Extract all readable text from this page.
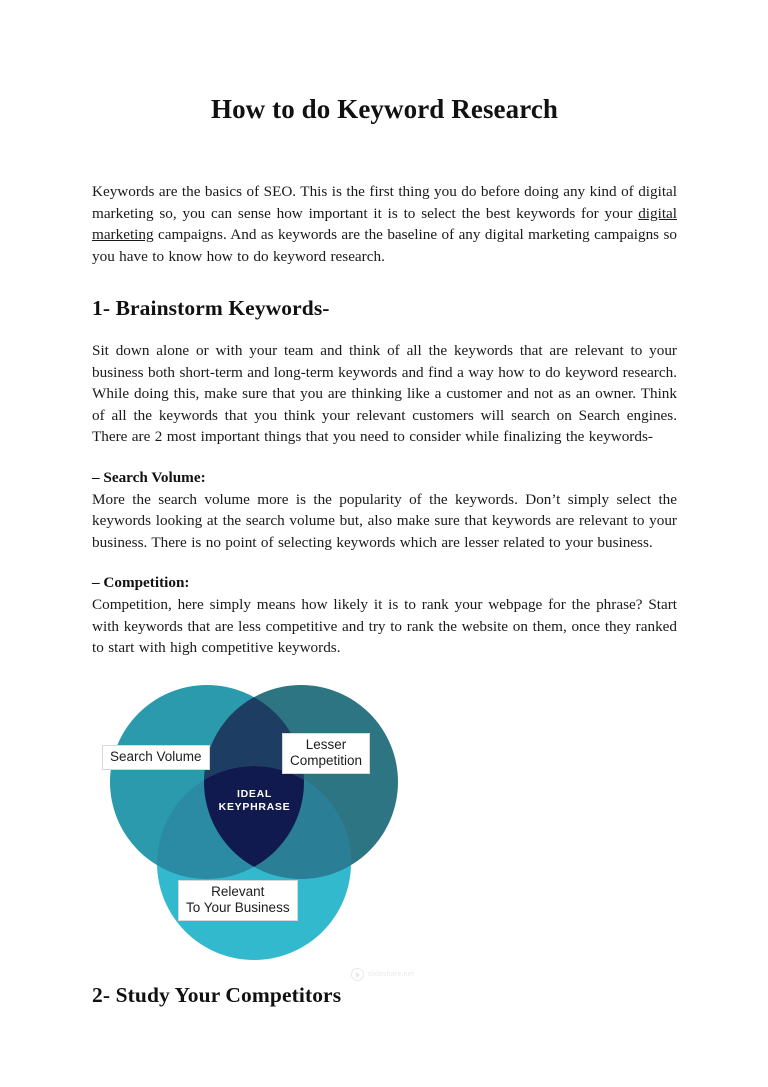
How to do Keyword Research

Keywords are the basics of SEO. This is the first thing you do before doing any kind of digital marketing so, you can sense how important it is to select the best keywords for your digital marketing campaigns. And as keywords are the baseline of any digital marketing campaigns so you have to know how to do keyword research.

1- Brainstorm Keywords-

Sit down alone or with your team and think of all the keywords that are relevant to your business both short-term and long-term keywords and find a way how to do keyword research. While doing this, make sure that you are thinking like a customer and not as an owner. Think of all the keywords that you think your relevant customers will search on Search engines. There are 2 most important things that you need to consider while finalizing the keywords-

– Search Volume:

More the search volume more is the popularity of the keywords. Don’t simply select the keywords looking at the search volume but, also make sure that keywords are relevant to your business. There is no point of selecting keywords which are lesser related to your business.

– Competition:

Competition, here simply means how likely it is to rank your webpage for the phrase? Start with keywords that are less competitive and try to rank the website on them, once they ranked to start with high competitive keywords.

IDEAL
KEYPHRASE
Search Volume
Lesser
Competition
Relevant
To Your Business
slideshare.net
2- Study Your Competitors
